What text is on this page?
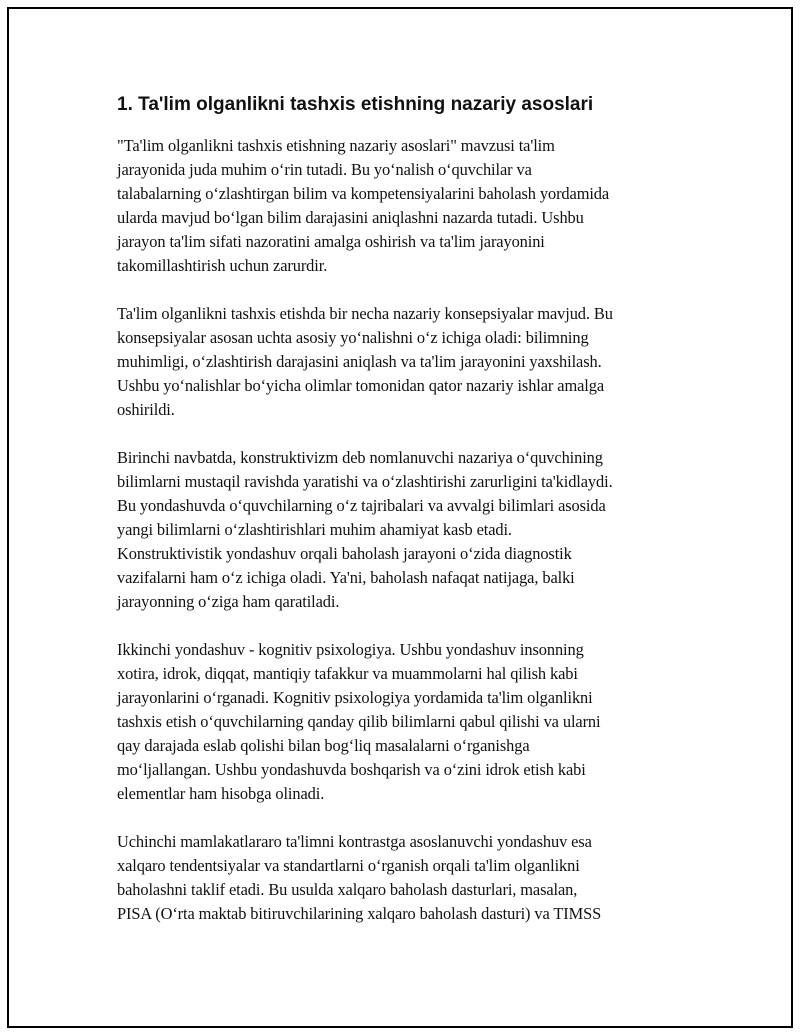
1. Ta'lim olganlikni tashxis etishning nazariy asoslari

"Ta'lim olganlikni tashxis etishning nazariy asoslari" mavzusi ta'lim
jarayonida juda muhim o‘rin tutadi. Bu yo‘nalish o‘quvchilar va
talabalarning o‘zlashtirgan bilim va kompetensiyalarini baholash yordamida
ularda mavjud bo‘lgan bilim darajasini aniqlashni nazarda tutadi. Ushbu
jarayon ta'lim sifati nazoratini amalga oshirish va ta'lim jarayonini
takomillashtirish uchun zarurdir.

Ta'lim olganlikni tashxis etishda bir necha nazariy konsepsiyalar mavjud. Bu
konsepsiyalar asosan uchta asosiy yo‘nalishni o‘z ichiga oladi: bilimning
muhimligi, o‘zlashtirish darajasini aniqlash va ta'lim jarayonini yaxshilash.
Ushbu yo‘nalishlar bo‘yicha olimlar tomonidan qator nazariy ishlar amalga
oshirildi.

Birinchi navbatda, konstruktivizm deb nomlanuvchi nazariya o‘quvchining
bilimlarni mustaqil ravishda yaratishi va o‘zlashtirishi zarurligini ta'kidlaydi.
Bu yondashuvda o‘quvchilarning o‘z tajribalari va avvalgi bilimlari asosida
yangi bilimlarni o‘zlashtirishlari muhim ahamiyat kasb etadi.
Konstruktivistik yondashuv orqali baholash jarayoni o‘zida diagnostik
vazifalarni ham o‘z ichiga oladi. Ya'ni, baholash nafaqat natijaga, balki
jarayonning o‘ziga ham qaratiladi.

Ikkinchi yondashuv - kognitiv psixologiya. Ushbu yondashuv insonning
xotira, idrok, diqqat, mantiqiy tafakkur va muammolarni hal qilish kabi
jarayonlarini o‘rganadi. Kognitiv psixologiya yordamida ta'lim olganlikni
tashxis etish o‘quvchilarning qanday qilib bilimlarni qabul qilishi va ularni
qay darajada eslab qolishi bilan bog‘liq masalalarni o‘rganishga
mo‘ljallangan. Ushbu yondashuvda boshqarish va o‘zini idrok etish kabi
elementlar ham hisobga olinadi.

Uchinchi mamlakatlararo ta'limni kontrastga asoslanuvchi yondashuv esa
xalqaro tendentsiyalar va standartlarni o‘rganish orqali ta'lim olganlikni
baholashni taklif etadi. Bu usulda xalqaro baholash dasturlari, masalan,
PISA (O‘rta maktab bitiruvchilarining xalqaro baholash dasturi) va TIMSS
